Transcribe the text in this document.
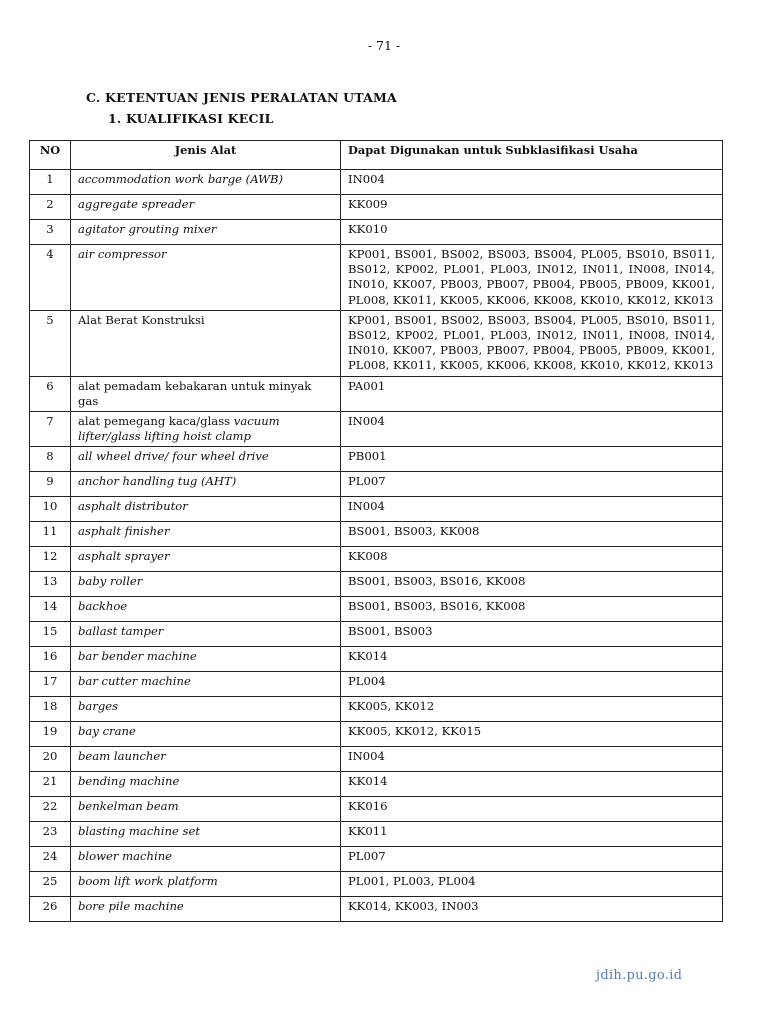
- 71 -
C. KETENTUAN JENIS PERALATAN UTAMA
1. KUALIFIKASI KECIL
NO	Jenis Alat	Dapat Digunakan untuk Subklasifikasi Usaha
1	accommodation work barge (AWB)	IN004
2	aggregate spreader	KK009
3	agitator grouting mixer	KK010
4	air compressor	KP001, BS001, BS002, BS003, BS004, PL005, BS010, BS011, BS012, KP002, PL001, PL003, IN012, IN011, IN008, IN014, IN010, KK007, PB003, PB007, PB004, PB005, PB009, KK001, PL008, KK011, KK005, KK006, KK008, KK010, KK012, KK013
5	Alat Berat Konstruksi	KP001, BS001, BS002, BS003, BS004, PL005, BS010, BS011, BS012, KP002, PL001, PL003, IN012, IN011, IN008, IN014, IN010, KK007, PB003, PB007, PB004, PB005, PB009, KK001, PL008, KK011, KK005, KK006, KK008, KK010, KK012, KK013
6	alat pemadam kebakaran untuk minyak gas	PA001
7	alat pemegang kaca/glass vacuum lifter/glass lifting hoist clamp	IN004
8	all wheel drive/ four wheel drive	PB001
9	anchor handling tug (AHT)	PL007
10	asphalt distributor	IN004
11	asphalt finisher	BS001, BS003, KK008
12	asphalt sprayer	KK008
13	baby roller	BS001, BS003, BS016, KK008
14	backhoe	BS001, BS003, BS016, KK008
15	ballast tamper	BS001, BS003
16	bar bender machine	KK014
17	bar cutter machine	PL004
18	barges	KK005, KK012
19	bay crane	KK005, KK012, KK015
20	beam launcher	IN004
21	bending machine	KK014
22	benkelman beam	KK016
23	blasting machine set	KK011
24	blower machine	PL007
25	boom lift work platform	PL001, PL003, PL004
26	bore pile machine	KK014, KK003, IN003
jdih.pu.go.id
